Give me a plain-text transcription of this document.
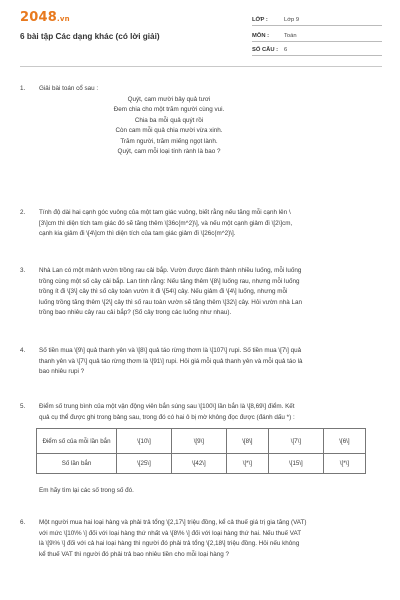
2048.vn
6 bài tập Các dạng khác (có lời giải)
LỚP :	Lớp 9
MÔN :	Toán
SỐ CÂU : 6
1.	Giải bài toán cổ sau :
Quýt, cam mười bảy quả tươi
Đem chia cho một trăm người cùng vui.
Chia ba mỗi quả quýt rồi
Còn cam mỗi quả chia mười vừa xinh.
Trăm người, trăm miếng ngọt lành.
Quýt, cam mỗi loại tính rành là bao ?
2.	Tính độ dài hai cạnh góc vuông của một tam giác vuông, biết rằng nếu tăng mỗi cạnh lên \
[3\]cm thì diện tích tam giác đó sẽ tăng thêm \[36c{m^2}\], và nếu một cạnh giảm đi \[2\]cm,
cạnh kia giảm đi \[4\]cm thì diện tích của tam giác giảm đi \[26c{m^2}\].
3.	Nhà Lan có một mảnh vườn trồng rau cải bắp. Vườn được đánh thành nhiều luống, mỗi luống
trồng cùng một số cây cải bắp. Lan tính rằng: Nếu tăng thêm \[8\] luống rau, nhưng mỗi luống
trồng ít đi \[3\] cây thì số cây toàn vườn ít đi \[54\] cây. Nếu giảm đi \[4\] luống, nhưng mỗi
luống trồng tăng thêm \[2\] cây thì số rau toàn vườn sẽ tăng thêm \[32\] cây. Hỏi vườn nhà Lan
trồng bao nhiêu cây rau cải bắp? (Số cây trong các luống như nhau).
4.	Số tiền mua \[9\] quả thanh yên và \[8\] quả táo rừng thơm là \[107\] rupi. Số tiền mua \[7\] quả
thanh yên và \[7\] quả táo rừng thơm là \[91\] rupi. Hỏi giá mỗi quả thanh yên và mỗi quả táo là
bao nhiêu rupi ?
5.	Điểm số trung bình của một vận động viên bắn súng sau \[100\] lần bắn là \[8,69\] điểm. Kết
quả cụ thể được ghi trong bảng sau, trong đó có hai ô bị mờ không đọc được (đánh dấu *) :
Điểm số của mỗi lần bắn	\[10\]	\[9\]	\[8\]	\[7\]	\[6\]
Số lần bắn	\[25\]	\[42\]	\[*\]	\[15\]	\[*\]
Em hãy tìm lại các số trong số đó.
6.	Một người mua hai loại hàng và phải trả tổng \[2,17\] triệu đồng, kể cả thuế giá trị gia tăng (VAT)
với mức \[10\% \] đối với loại hàng thứ nhất và \[8\% \] đối với loại hàng thứ hai. Nếu thuế VAT
là \[9\% \] đối với cả hai loại hàng thì người đó phải trả tổng \[2,18\] triệu đồng. Hỏi nếu không
kể thuế VAT thì người đó phải trả bao nhiêu tiền cho mỗi loại hàng ?
